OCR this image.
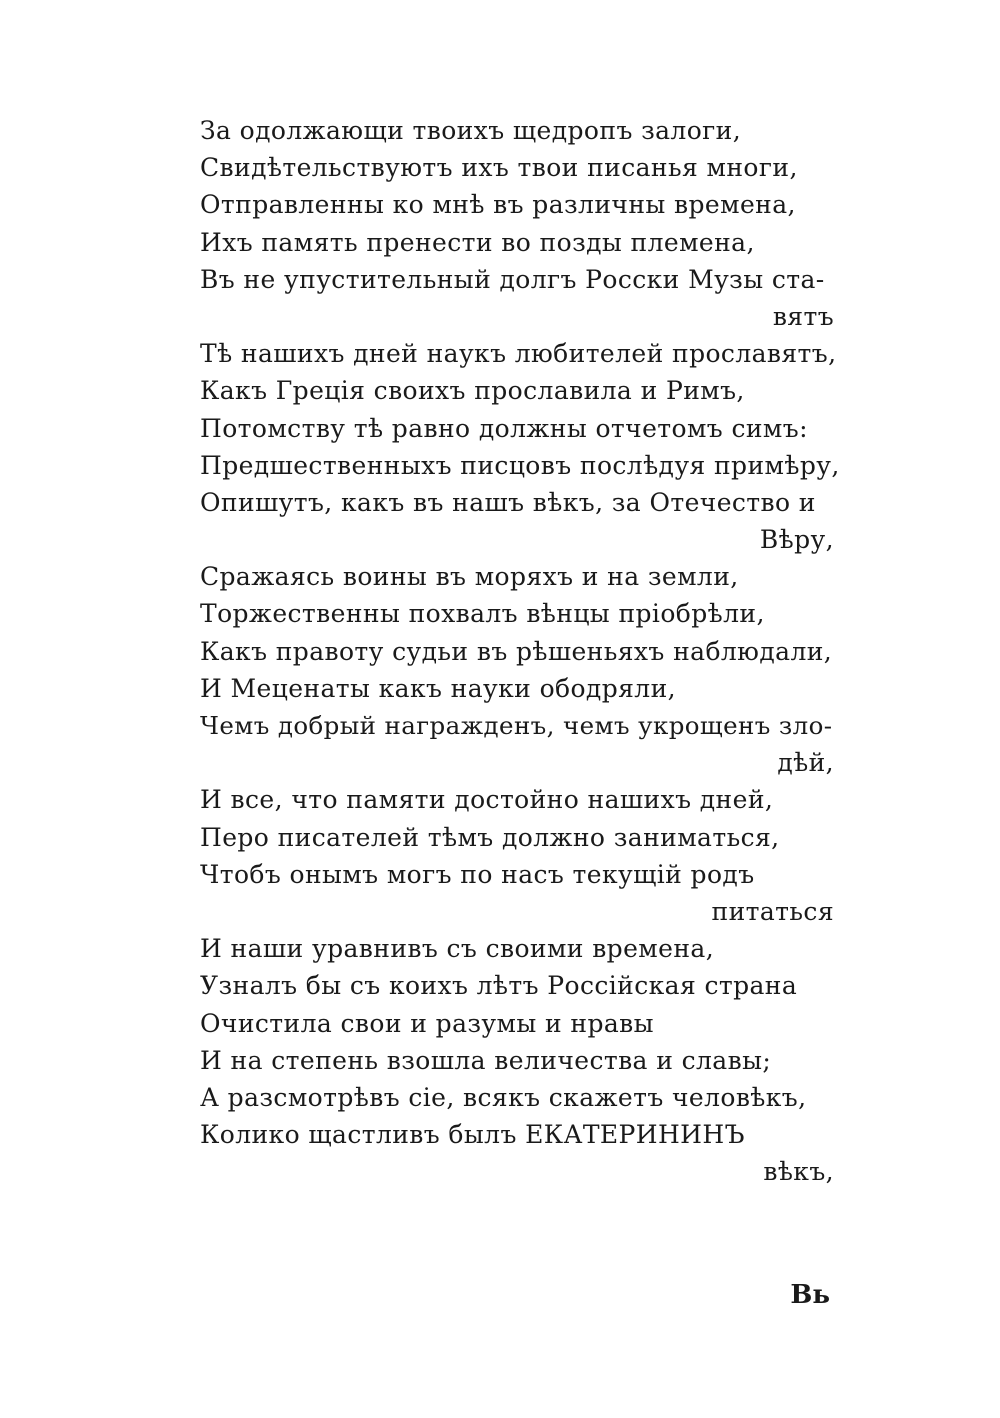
За одолжающи твоихъ щедропъ залоги,
Свидѣтельствуютъ ихъ твои писанья многи,
Отправленны ко мнѣ въ различны времена,
Ихъ память пренести во позды племена,
Въ не упустительный долгъ Росски Музы ста-
вятъ
Тѣ нашихъ дней наукъ любителей прославятъ,
Какъ Греція своихъ прославила и Римъ,
Потомству тѣ равно должны отчетомъ симъ:
Предшественныхъ писцовъ послѣдуя примѣру,
Опишутъ, какъ въ нашъ вѣкъ, за Отечество и
Вѣру,
Сражаясь воины въ моряхъ и на земли,
Торжественны похвалъ вѣнцы пріобрѣли,
Какъ правоту судьи въ рѣшеньяхъ наблюдали,
И Меценаты какъ науки ободряли,
Чемъ добрый награжденъ, чемъ укрощенъ зло-
дѣй,
И все, что памяти достойно нашихъ дней,
Перо писателей тѣмъ должно заниматься,
Чтобъ онымъ могъ по насъ текущій родъ
питаться
И наши уравнивъ съ своими времена,
Узналъ бы съ коихъ лѣтъ Россійская страна
Очистила свои и разумы и нравы
И на степень взошла величества и славы;
А разсмотрѣвъ сіе, всякъ скажетъ человѣкъ,
Колико щастливъ былъ ЕКАТЕРИНИНЪ
вѣкъ,
Вь
